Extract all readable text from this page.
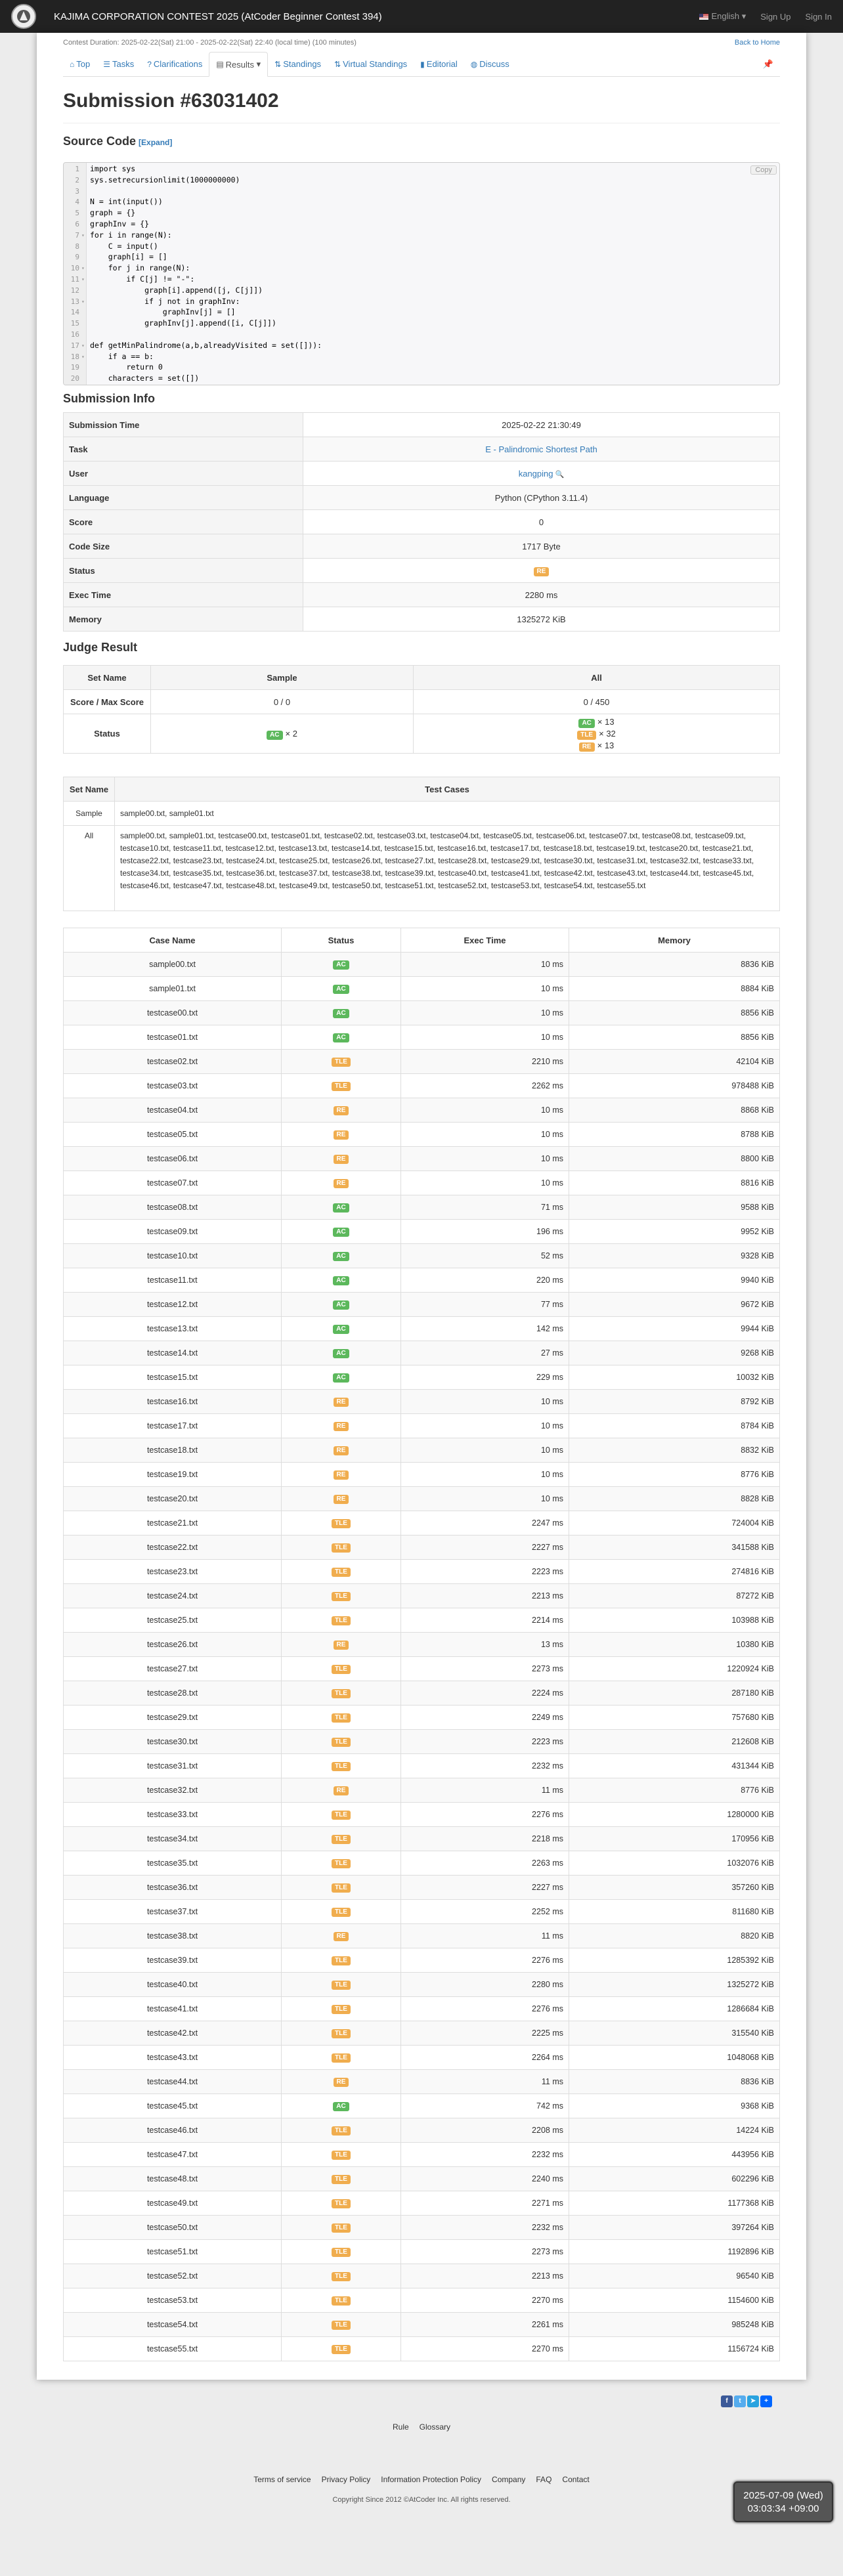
KAJIMA CORPORATION CONTEST 2025 (AtCoder Beginner Contest 394)	English ▾ Sign Up Sign In
Contest Duration: 2025-02-22(Sat) 21:00 - 2025-02-22(Sat) 22:40 (local time) (100 minutes)	Back to Home
⌂ Top ☰ Tasks ? Clarifications ▤ Results ▾	⇅ Standings ⇅ Virtual Standings ▮ Editorial ◍ Discuss	📌
Submission #63031402
Source Code [Expand]
1 import sys
2 sys.setrecursionlimit(1000000000)
3
4 N = int(input())
5 graph = {}
6 graphInv = {}
7 ▾ for i in range(N):
8 C = input()
9 graph[i] = []
10 ▾ for j in range(N):
11 ▾ if C[j] != "-":
12 graph[i].append([j, C[j]])
13 ▾ if j not in graphInv:
14 graphInv[j] = []
15 graphInv[j].append([i, C[j]])
16
17 ▾ def getMinPalindrome(a,b,alreadyVisited = set([])):
18 ▾ if a == b:
19 return 0
20 characters = set([])
Copy
Submission Info
Submission Time	2025-02-22 21:30:49
Task	E - Palindromic Shortest Path
User	kangping 🔍
Language	Python (CPython 3.11.4)
Score	0
Code Size	1717 Byte
Status	RE
Exec Time	2280 ms
Memory	1325272 KiB
Judge Result
Set Name	Sample	All
Score / Max Score	0 / 0	0 / 450
Status	AC × 2	AC × 13
TLE × 32
RE × 13
Set Name	Test Cases
Sample	sample00.txt, sample01.txt
All	sample00.txt, sample01.txt, testcase00.txt, testcase01.txt, testcase02.txt, testcase03.txt, testcase04.txt, testcase05.txt, testcase06.txt, testcase07.txt, testcase08.txt, testcase09.txt, testcase10.txt, testcase11.txt, testcase12.txt, testcase13.txt, testcase14.txt, testcase15.txt, testcase16.txt, testcase17.txt, testcase18.txt, testcase19.txt, testcase20.txt, testcase21.txt, testcase22.txt, testcase23.txt, testcase24.txt, testcase25.txt, testcase26.txt, testcase27.txt, testcase28.txt, testcase29.txt, testcase30.txt, testcase31.txt, testcase32.txt, testcase33.txt, testcase34.txt, testcase35.txt, testcase36.txt, testcase37.txt, testcase38.txt, testcase39.txt, testcase40.txt, testcase41.txt, testcase42.txt, testcase43.txt, testcase44.txt, testcase45.txt, testcase46.txt, testcase47.txt, testcase48.txt, testcase49.txt, testcase50.txt, testcase51.txt, testcase52.txt, testcase53.txt, testcase54.txt, testcase55.txt
Case Name	Status	Exec Time	Memory
sample00.txt	AC	10 ms	8836 KiB
sample01.txt	AC	10 ms	8884 KiB
testcase00.txt	AC	10 ms	8856 KiB
testcase01.txt	AC	10 ms	8856 KiB
testcase02.txt	TLE	2210 ms	42104 KiB
testcase03.txt	TLE	2262 ms	978488 KiB
testcase04.txt	RE	10 ms	8868 KiB
testcase05.txt	RE	10 ms	8788 KiB
testcase06.txt	RE	10 ms	8800 KiB
testcase07.txt	RE	10 ms	8816 KiB
testcase08.txt	AC	71 ms	9588 KiB
testcase09.txt	AC	196 ms	9952 KiB
testcase10.txt	AC	52 ms	9328 KiB
testcase11.txt	AC	220 ms	9940 KiB
testcase12.txt	AC	77 ms	9672 KiB
testcase13.txt	AC	142 ms	9944 KiB
testcase14.txt	AC	27 ms	9268 KiB
testcase15.txt	AC	229 ms	10032 KiB
testcase16.txt	RE	10 ms	8792 KiB
testcase17.txt	RE	10 ms	8784 KiB
testcase18.txt	RE	10 ms	8832 KiB
testcase19.txt	RE	10 ms	8776 KiB
testcase20.txt	RE	10 ms	8828 KiB
testcase21.txt	TLE	2247 ms	724004 KiB
testcase22.txt	TLE	2227 ms	341588 KiB
testcase23.txt	TLE	2223 ms	274816 KiB
testcase24.txt	TLE	2213 ms	87272 KiB
testcase25.txt	TLE	2214 ms	103988 KiB
testcase26.txt	RE	13 ms	10380 KiB
testcase27.txt	TLE	2273 ms	1220924 KiB
testcase28.txt	TLE	2224 ms	287180 KiB
testcase29.txt	TLE	2249 ms	757680 KiB
testcase30.txt	TLE	2223 ms	212608 KiB
testcase31.txt	TLE	2232 ms	431344 KiB
testcase32.txt	RE	11 ms	8776 KiB
testcase33.txt	TLE	2276 ms	1280000 KiB
testcase34.txt	TLE	2218 ms	170956 KiB
testcase35.txt	TLE	2263 ms	1032076 KiB
testcase36.txt	TLE	2227 ms	357260 KiB
testcase37.txt	TLE	2252 ms	811680 KiB
testcase38.txt	RE	11 ms	8820 KiB
testcase39.txt	TLE	2276 ms	1285392 KiB
testcase40.txt	TLE	2280 ms	1325272 KiB
testcase41.txt	TLE	2276 ms	1286684 KiB
testcase42.txt	TLE	2225 ms	315540 KiB
testcase43.txt	TLE	2264 ms	1048068 KiB
testcase44.txt	RE	11 ms	8836 KiB
testcase45.txt	AC	742 ms	9368 KiB
testcase46.txt	TLE	2208 ms	14224 KiB
testcase47.txt	TLE	2232 ms	443956 KiB
testcase48.txt	TLE	2240 ms	602296 KiB
testcase49.txt	TLE	2271 ms	1177368 KiB
testcase50.txt	TLE	2232 ms	397264 KiB
testcase51.txt	TLE	2273 ms	1192896 KiB
testcase52.txt	TLE	2213 ms	96540 KiB
testcase53.txt	TLE	2270 ms	1154600 KiB
testcase54.txt	TLE	2261 ms	985248 KiB
testcase55.txt	TLE	2270 ms	1156724 KiB
f	t	➤	+
Rule Glossary
Terms of service Privacy Policy Information Protection Policy Company FAQ Contact
Copyright Since 2012 ©AtCoder Inc. All rights reserved.	2025-07-09 (Wed)
03:03:34 +09:00
